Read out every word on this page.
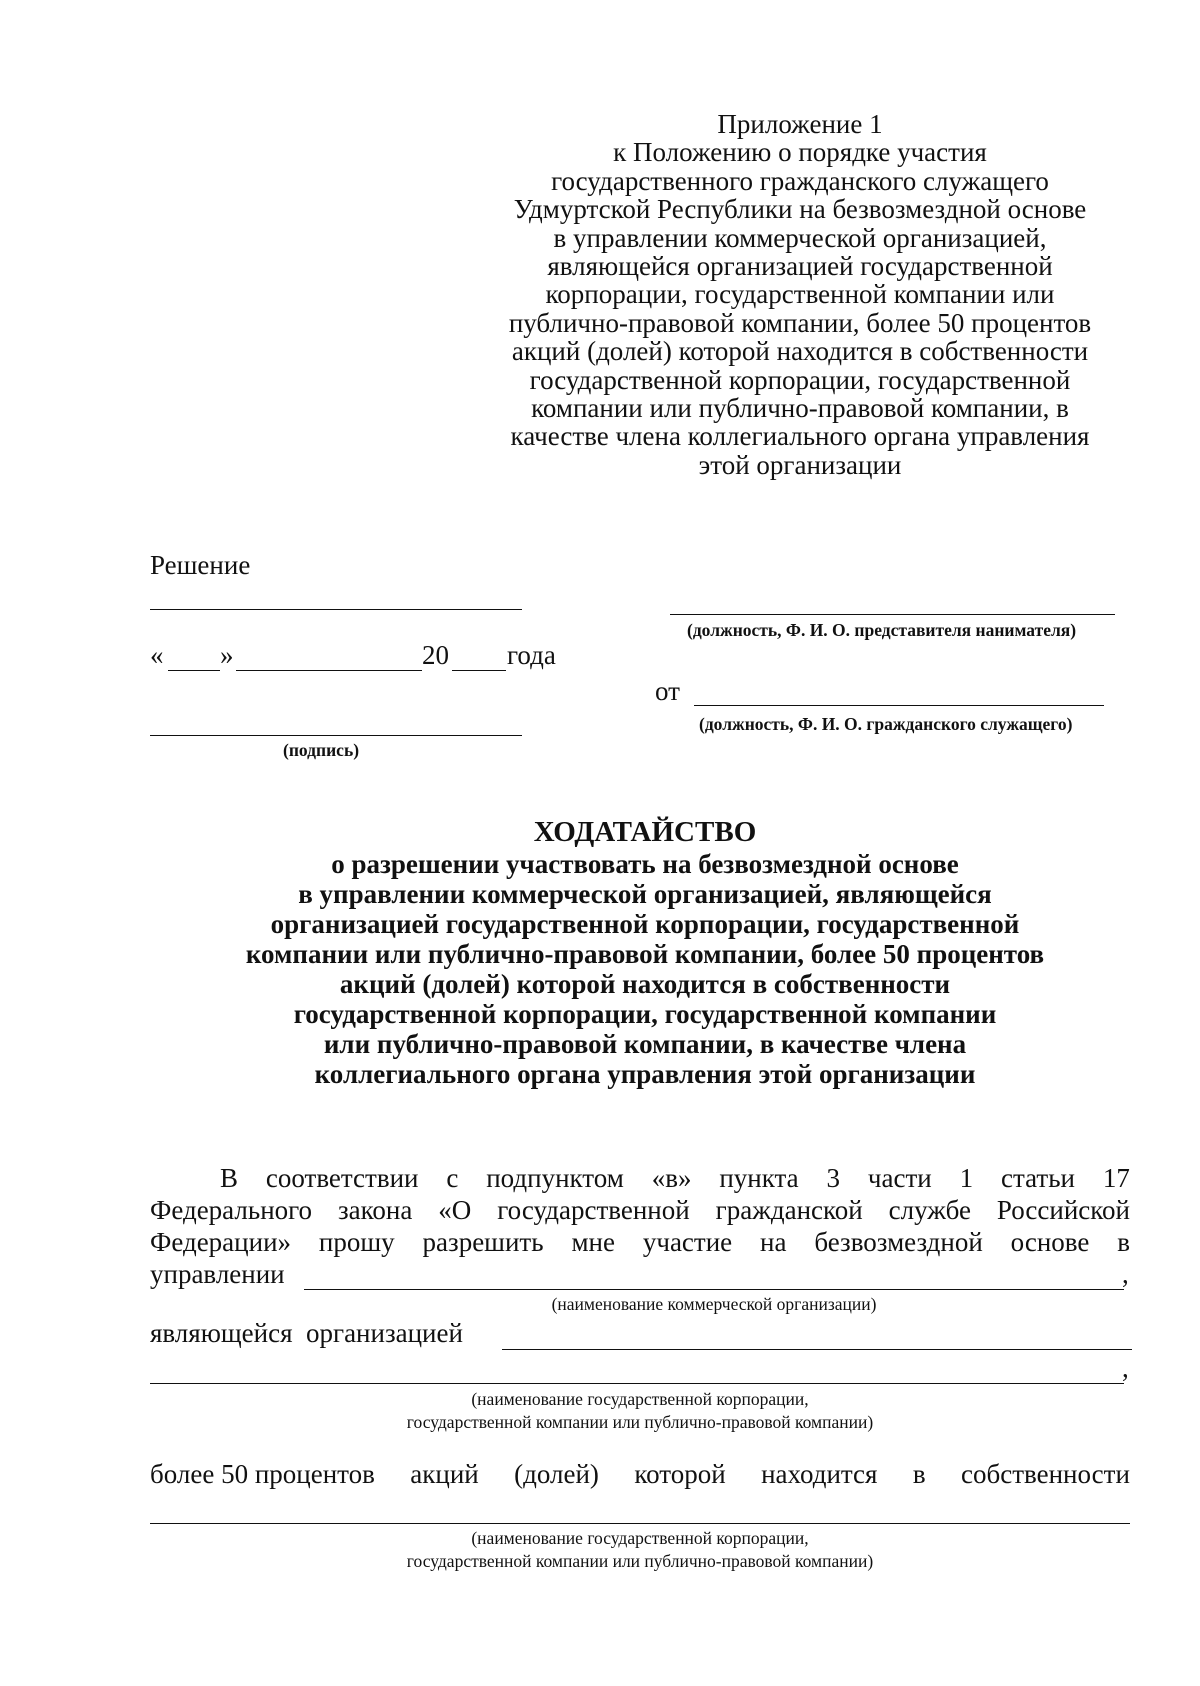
Приложение 1
к Положению о порядке участия
государственного гражданского служащего
Удмуртской Республики на безвозмездной основе
в управлении коммерческой организацией,
являющейся организацией государственной
корпорации, государственной компании или
публично-правовой компании, более 50 процентов
акций (долей) которой находится в собственности
государственной корпорации, государственной
компании или публично-правовой компании, в
качестве члена коллегиального органа управления
этой организации
Решение
« »	20 года
(подпись)
(должность, Ф. И. О. представителя нанимателя)
от
(должность, Ф. И. О. гражданского служащего)
ХОДАТАЙСТВО
о разрешении участвовать на безвозмездной основе
в управлении коммерческой организацией, являющейся
организацией государственной корпорации, государственной
компании или публично-правовой компании, более 50 процентов
акций (долей) которой находится в собственности
государственной корпорации, государственной компании
или публично-правовой компании, в качестве члена
коллегиального органа управления этой организации
В соответствии с подпунктом «в» пункта 3 части 1 статьи 17
Федерального закона «О государственной гражданской службе Российской
Федерации» прошу разрешить мне участие на безвозмездной основе в
управлении	,
(наименование коммерческой организации)
являющейся  организацией
,
(наименование государственной корпорации,
государственной компании или публично-правовой компании)
более 50 процентов акций (долей) которой находится в собственности
(наименование государственной корпорации,
государственной компании или публично-правовой компании)
